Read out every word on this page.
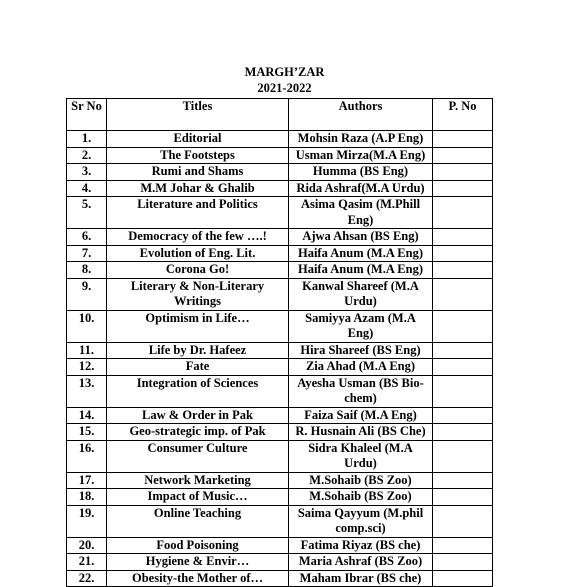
MARGH’ZAR
2021-2022
Sr No	Titles	Authors	P. No
1.	Editorial	Mohsin Raza (A.P Eng)	
2.	The Footsteps	Usman Mirza(M.A Eng)	
3.	Rumi and Shams	Humma (BS Eng)	
4.	M.M Johar & Ghalib	Rida Ashraf(M.A Urdu)	
5.	Literature and Politics	Asima Qasim (M.Phill Eng)	
6.	Democracy of the few ….!	Ajwa Ahsan (BS Eng)	
7.	Evolution of Eng. Lit.	Haifa Anum (M.A Eng)	
8.	Corona Go!	Haifa Anum (M.A Eng)	
9.	Literary & Non-Literary Writings	Kanwal Shareef (M.A Urdu)	
10.	Optimism in Life…	Samiyya Azam (M.A Eng)	
11.	Life by Dr. Hafeez	Hira Shareef (BS Eng)	
12.	Fate	Zia Ahad (M.A Eng)	
13.	Integration of Sciences	Ayesha Usman (BS Bio-chem)	
14.	Law & Order in Pak	Faiza Saif (M.A Eng)	
15.	Geo-strategic imp. of Pak	R. Husnain Ali (BS Che)	
16.	Consumer Culture	Sidra Khaleel (M.A Urdu)	
17.	Network Marketing	M.Sohaib (BS Zoo)	
18.	Impact of Music…	M.Sohaib (BS Zoo)	
19.	Online Teaching	Saima Qayyum (M.phil comp.sci)	
20.	Food Poisoning	Fatima Riyaz (BS che)	
21.	Hygiene & Envir…	Maria Ashraf (BS Zoo)	
22.	Obesity-the Mother of…	Maham Ibrar (BS che)	
